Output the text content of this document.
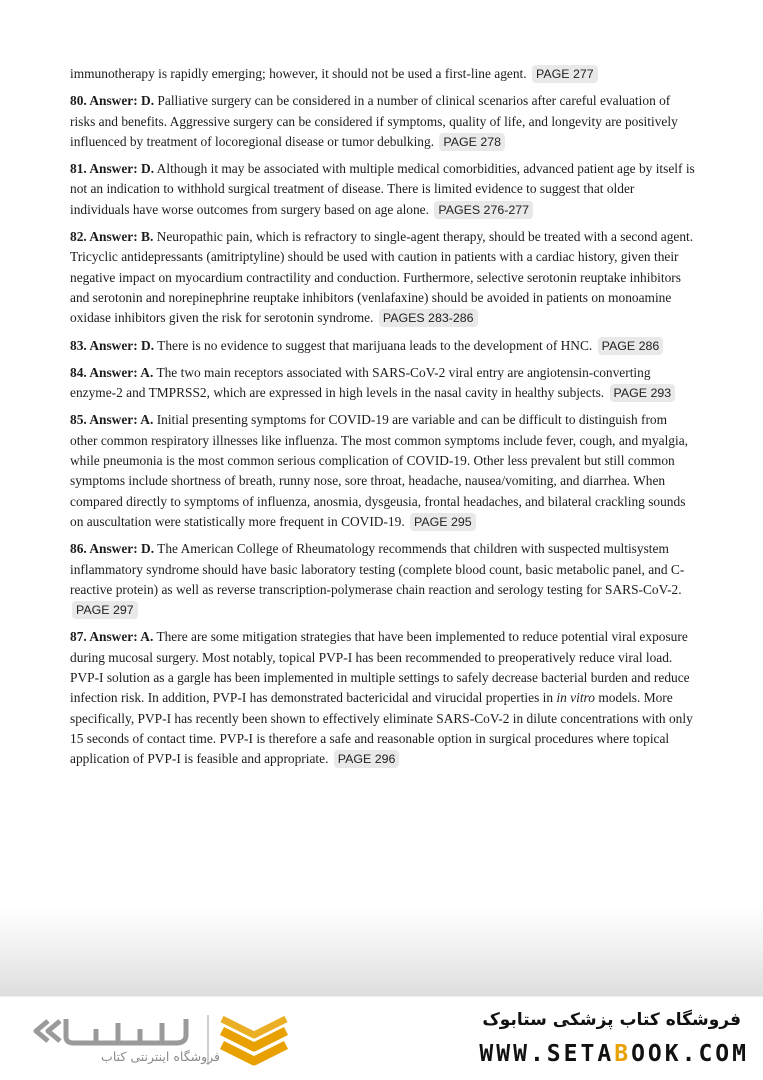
immunotherapy is rapidly emerging; however, it should not be used a first-line agent. PAGE 277

80. Answer: D. Palliative surgery can be considered in a number of clinical scenarios after careful evaluation of risks and benefits. Aggressive surgery can be considered if symptoms, quality of life, and longevity are positively influenced by treatment of locoregional disease or tumor debulking. PAGE 278

81. Answer: D. Although it may be associated with multiple medical comorbidities, advanced patient age by itself is not an indication to withhold surgical treatment of disease. There is limited evidence to suggest that older individuals have worse outcomes from surgery based on age alone. PAGES 276-277

82. Answer: B. Neuropathic pain, which is refractory to single-agent therapy, should be treated with a second agent. Tricyclic antidepressants (amitriptyline) should be used with caution in patients with a cardiac history, given their negative impact on myocardium contractility and conduction. Furthermore, selective serotonin reuptake inhibitors and serotonin and norepinephrine reuptake inhibitors (venlafaxine) should be avoided in patients on monoamine oxidase inhibitors given the risk for serotonin syndrome. PAGES 283-286

83. Answer: D. There is no evidence to suggest that marijuana leads to the development of HNC. PAGE 286

84. Answer: A. The two main receptors associated with SARS-CoV-2 viral entry are angiotensin-converting enzyme-2 and TMPRSS2, which are expressed in high levels in the nasal cavity in healthy subjects. PAGE 293

85. Answer: A. Initial presenting symptoms for COVID-19 are variable and can be difficult to distinguish from other common respiratory illnesses like influenza. The most common symptoms include fever, cough, and myalgia, while pneumonia is the most common serious complication of COVID-19. Other less prevalent but still common symptoms include shortness of breath, runny nose, sore throat, headache, nausea/vomiting, and diarrhea. When compared directly to symptoms of influenza, anosmia, dysgeusia, frontal headaches, and bilateral crackling sounds on auscultation were statistically more frequent in COVID-19. PAGE 295

86. Answer: D. The American College of Rheumatology recommends that children with suspected multisystem inflammatory syndrome should have basic laboratory testing (complete blood count, basic metabolic panel, and C-reactive protein) as well as reverse transcription-polymerase chain reaction and serology testing for SARS-CoV-2. PAGE 297

87. Answer: A. There are some mitigation strategies that have been implemented to reduce potential viral exposure during mucosal surgery. Most notably, topical PVP-I has been recommended to preoperatively reduce viral load. PVP-I solution as a gargle has been implemented in multiple settings to safely decrease bacterial burden and reduce infection risk. In addition, PVP-I has demonstrated bactericidal and virucidal properties in in vitro models. More specifically, PVP-I has recently been shown to effectively eliminate SARS-CoV-2 in dilute concentrations with only 15 seconds of contact time. PVP-I is therefore a safe and reasonable option in surgical procedures where topical application of PVP-I is feasible and appropriate. PAGE 296

ستابوک
فروشگاه اینترنتی کتاب
فروشگاه کتاب پزشکی ستابوک
WWW.SETABOOK.COM
